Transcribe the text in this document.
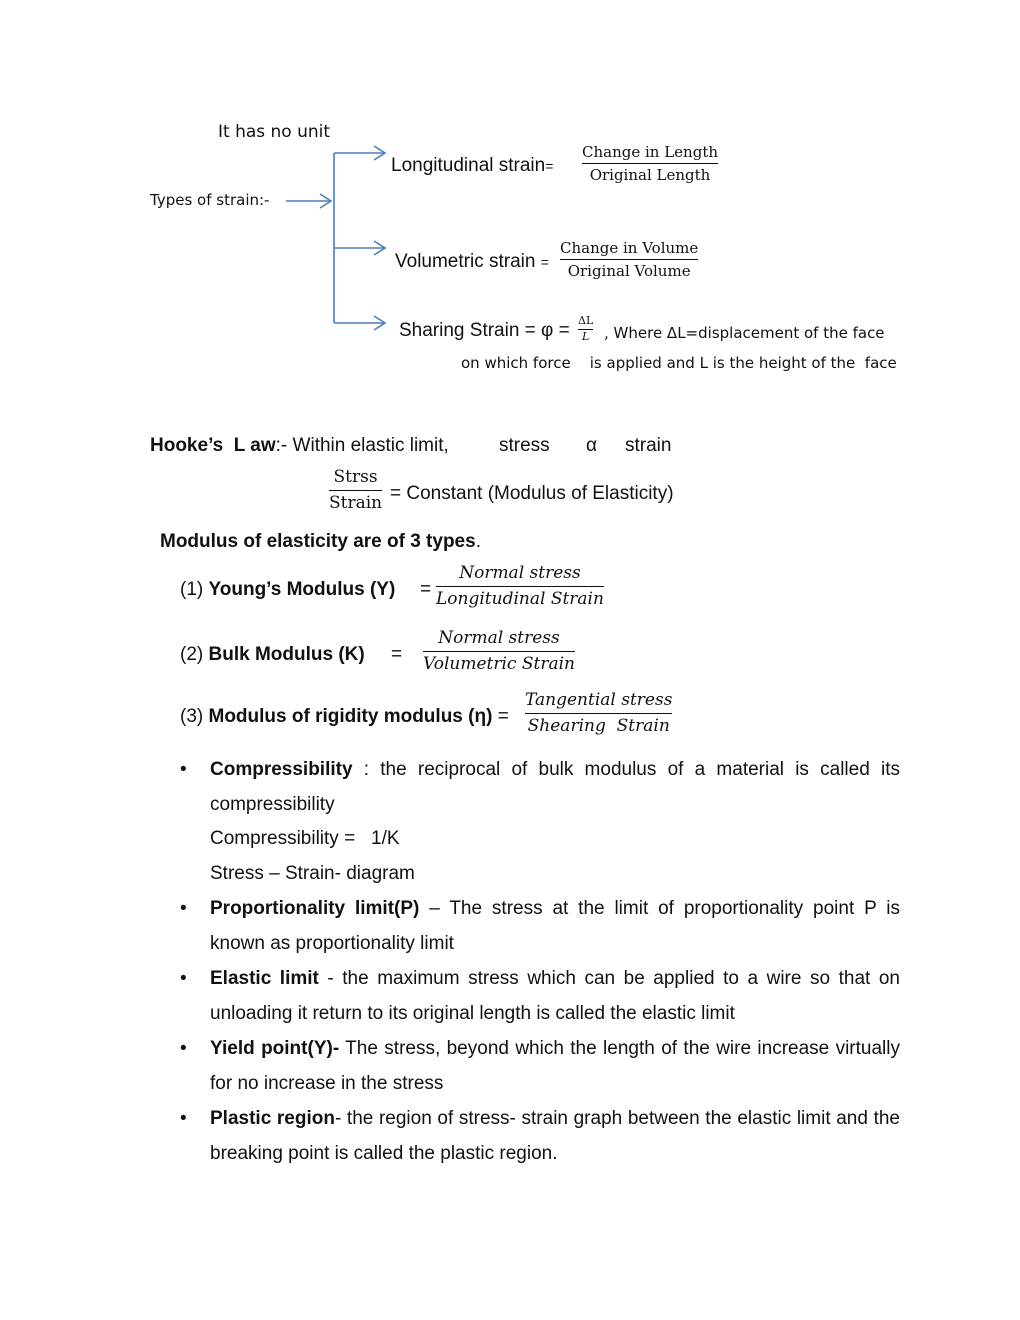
It has no unit
Types of strain:-
Longitudinal strain=
Change in Length
Original Length
Volumetric strain =
Change in Volume
Original Volume
Sharing Strain = φ = ΔL
L , Where ΔL=displacement of the face
on which force    is applied and L is the height of the  face
Hooke’s  L aw:- Within elastic limit,	stress α strain
Strss
Strain = Constant (Modulus of Elasticity)
Modulus of elasticity are of 3 types.
(1) Young’s Modulus (Y) =
Normal stress
Longitudinal Strain
(2) Bulk Modulus (K) =
Normal stress
Volumetric Strain
(3) Modulus of rigidity modulus (η) =
Tangential stress
Shearing  Strain
• Compressibility : the reciprocal of bulk modulus of a material is called its compressibility
Compressibility =   1/K
Stress – Strain- diagram
• Proportionality limit(P) – The stress at the limit of proportionality point P is known as proportionality limit
• Elastic limit - the maximum stress which can be applied to a wire so that on unloading it return to its original length is called the elastic limit
• Yield point(Y)- The stress, beyond which the length of the wire increase virtually for no increase in the stress
• Plastic region- the region of stress- strain graph between the elastic limit and the breaking point is called the plastic region.
